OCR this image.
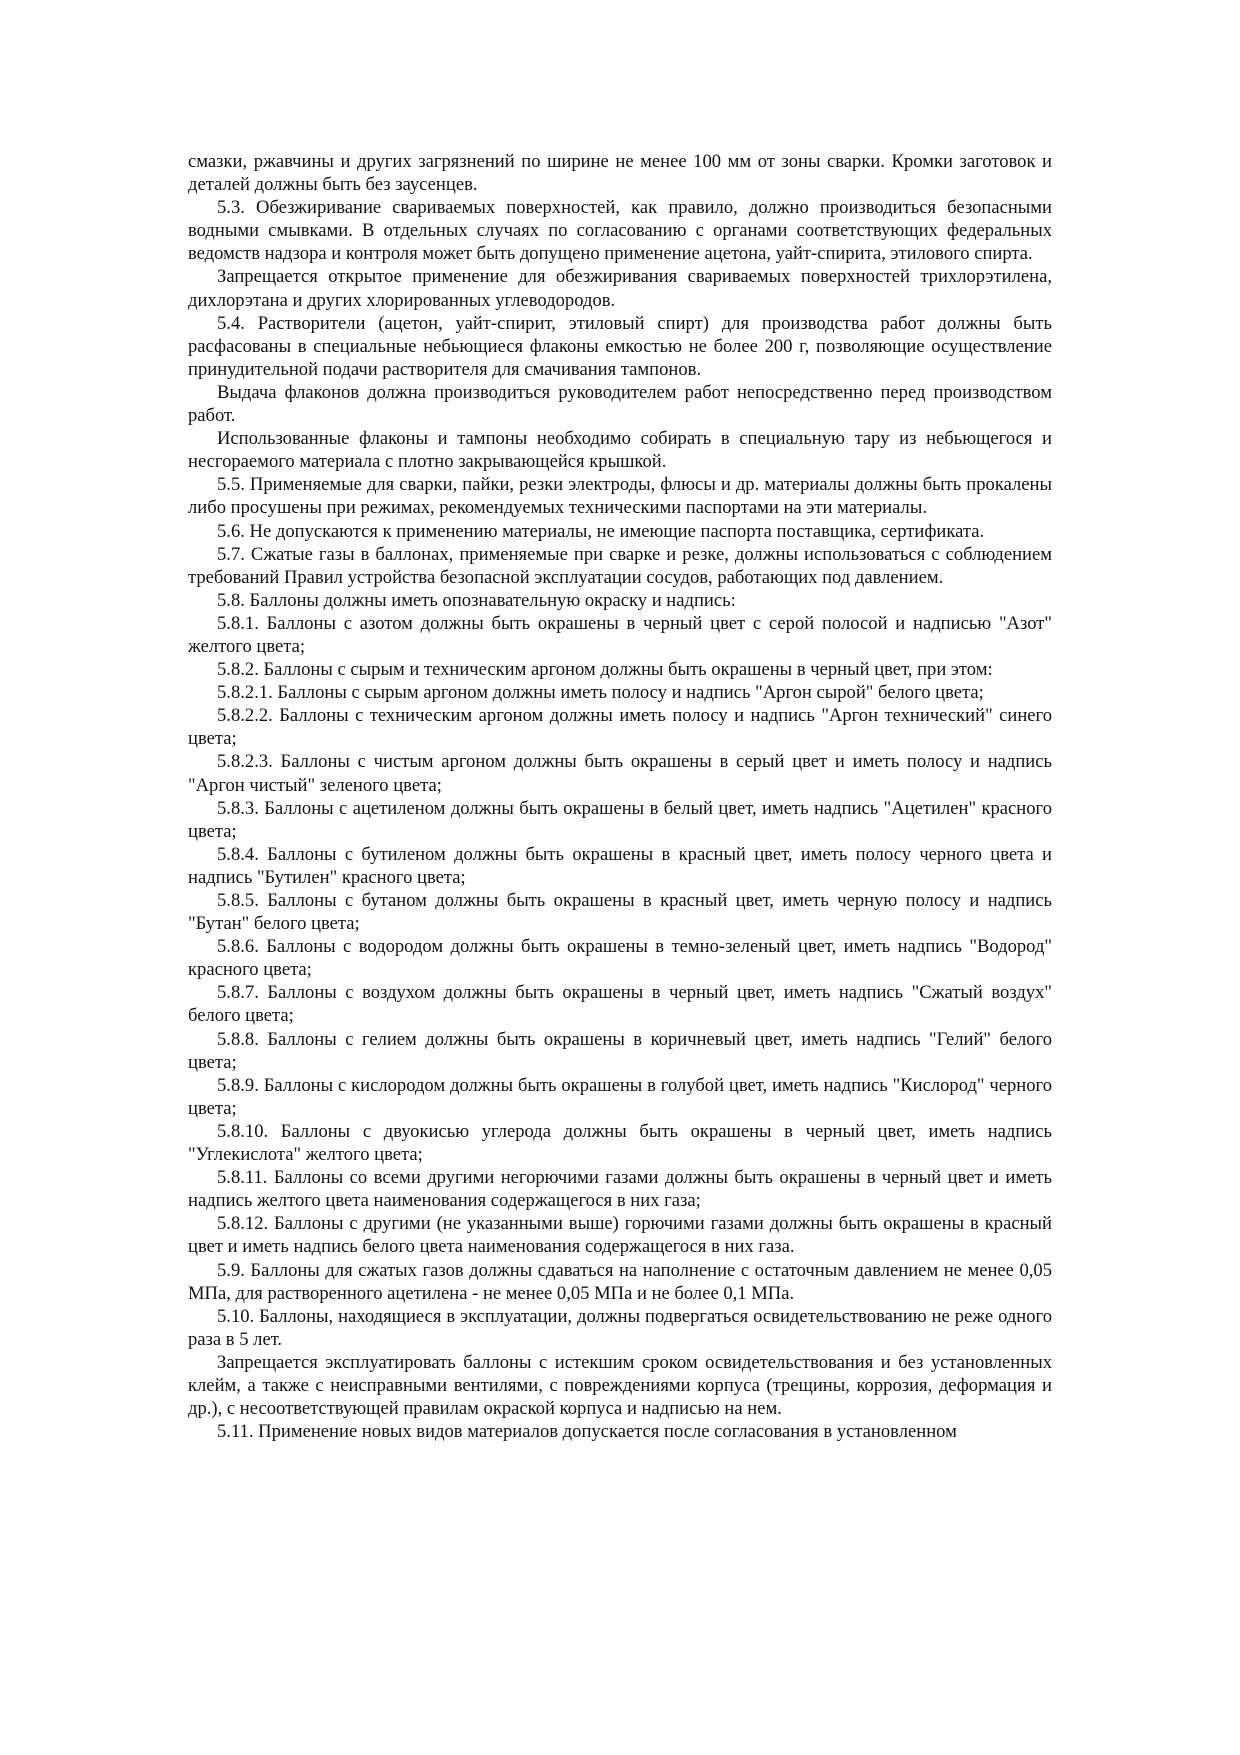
смазки, ржавчины и других загрязнений по ширине не менее 100 мм от зоны сварки. Кромки заготовок и деталей должны быть без заусенцев.

5.3. Обезжиривание свариваемых поверхностей, как правило, должно производиться безопасными водными смывками. В отдельных случаях по согласованию с органами соответствующих федеральных ведомств надзора и контроля может быть допущено применение ацетона, уайт-спирита, этилового спирта.

Запрещается открытое применение для обезжиривания свариваемых поверхностей трихлорэтилена, дихлорэтана и других хлорированных углеводородов.

5.4. Растворители (ацетон, уайт-спирит, этиловый спирт) для производства работ должны быть расфасованы в специальные небьющиеся флаконы емкостью не более 200 г, позволяющие осуществление принудительной подачи растворителя для смачивания тампонов.

Выдача флаконов должна производиться руководителем работ непосредственно перед производством работ.

Использованные флаконы и тампоны необходимо собирать в специальную тару из небьющегося и несгораемого материала с плотно закрывающейся крышкой.

5.5. Применяемые для сварки, пайки, резки электроды, флюсы и др. материалы должны быть прокалены либо просушены при режимах, рекомендуемых техническими паспортами на эти материалы.

5.6. Не допускаются к применению материалы, не имеющие паспорта поставщика, сертификата.

5.7. Сжатые газы в баллонах, применяемые при сварке и резке, должны использоваться с соблюдением требований Правил устройства безопасной эксплуатации сосудов, работающих под давлением.

5.8. Баллоны должны иметь опознавательную окраску и надпись:

5.8.1. Баллоны с азотом должны быть окрашены в черный цвет с серой полосой и надписью "Азот" желтого цвета;

5.8.2. Баллоны с сырым и техническим аргоном должны быть окрашены в черный цвет, при этом:

5.8.2.1. Баллоны с сырым аргоном должны иметь полосу и надпись "Аргон сырой" белого цвета;

5.8.2.2. Баллоны с техническим аргоном должны иметь полосу и надпись "Аргон технический" синего цвета;

5.8.2.3. Баллоны с чистым аргоном должны быть окрашены в серый цвет и иметь полосу и надпись "Аргон чистый" зеленого цвета;

5.8.3. Баллоны с ацетиленом должны быть окрашены в белый цвет, иметь надпись "Ацетилен" красного цвета;

5.8.4. Баллоны с бутиленом должны быть окрашены в красный цвет, иметь полосу черного цвета и надпись "Бутилен" красного цвета;

5.8.5. Баллоны с бутаном должны быть окрашены в красный цвет, иметь черную полосу и надпись "Бутан" белого цвета;

5.8.6. Баллоны с водородом должны быть окрашены в темно-зеленый цвет, иметь надпись "Водород" красного цвета;

5.8.7. Баллоны с воздухом должны быть окрашены в черный цвет, иметь надпись "Сжатый воздух" белого цвета;

5.8.8. Баллоны с гелием должны быть окрашены в коричневый цвет, иметь надпись "Гелий" белого цвета;

5.8.9. Баллоны с кислородом должны быть окрашены в голубой цвет, иметь надпись "Кислород" черного цвета;

5.8.10. Баллоны с двуокисью углерода должны быть окрашены в черный цвет, иметь надпись "Углекислота" желтого цвета;

5.8.11. Баллоны со всеми другими негорючими газами должны быть окрашены в черный цвет и иметь надпись желтого цвета наименования содержащегося в них газа;

5.8.12. Баллоны с другими (не указанными выше) горючими газами должны быть окрашены в красный цвет и иметь надпись белого цвета наименования содержащегося в них газа.

5.9. Баллоны для сжатых газов должны сдаваться на наполнение с остаточным давлением не менее 0,05 МПа, для растворенного ацетилена - не менее 0,05 МПа и не более 0,1 МПа.

5.10. Баллоны, находящиеся в эксплуатации, должны подвергаться освидетельствованию не реже одного раза в 5 лет.

Запрещается эксплуатировать баллоны с истекшим сроком освидетельствования и без установленных клейм, а также с неисправными вентилями, с повреждениями корпуса (трещины, коррозия, деформация и др.), с несоответствующей правилам окраской корпуса и надписью на нем.

5.11. Применение новых видов материалов допускается после согласования в установленном
